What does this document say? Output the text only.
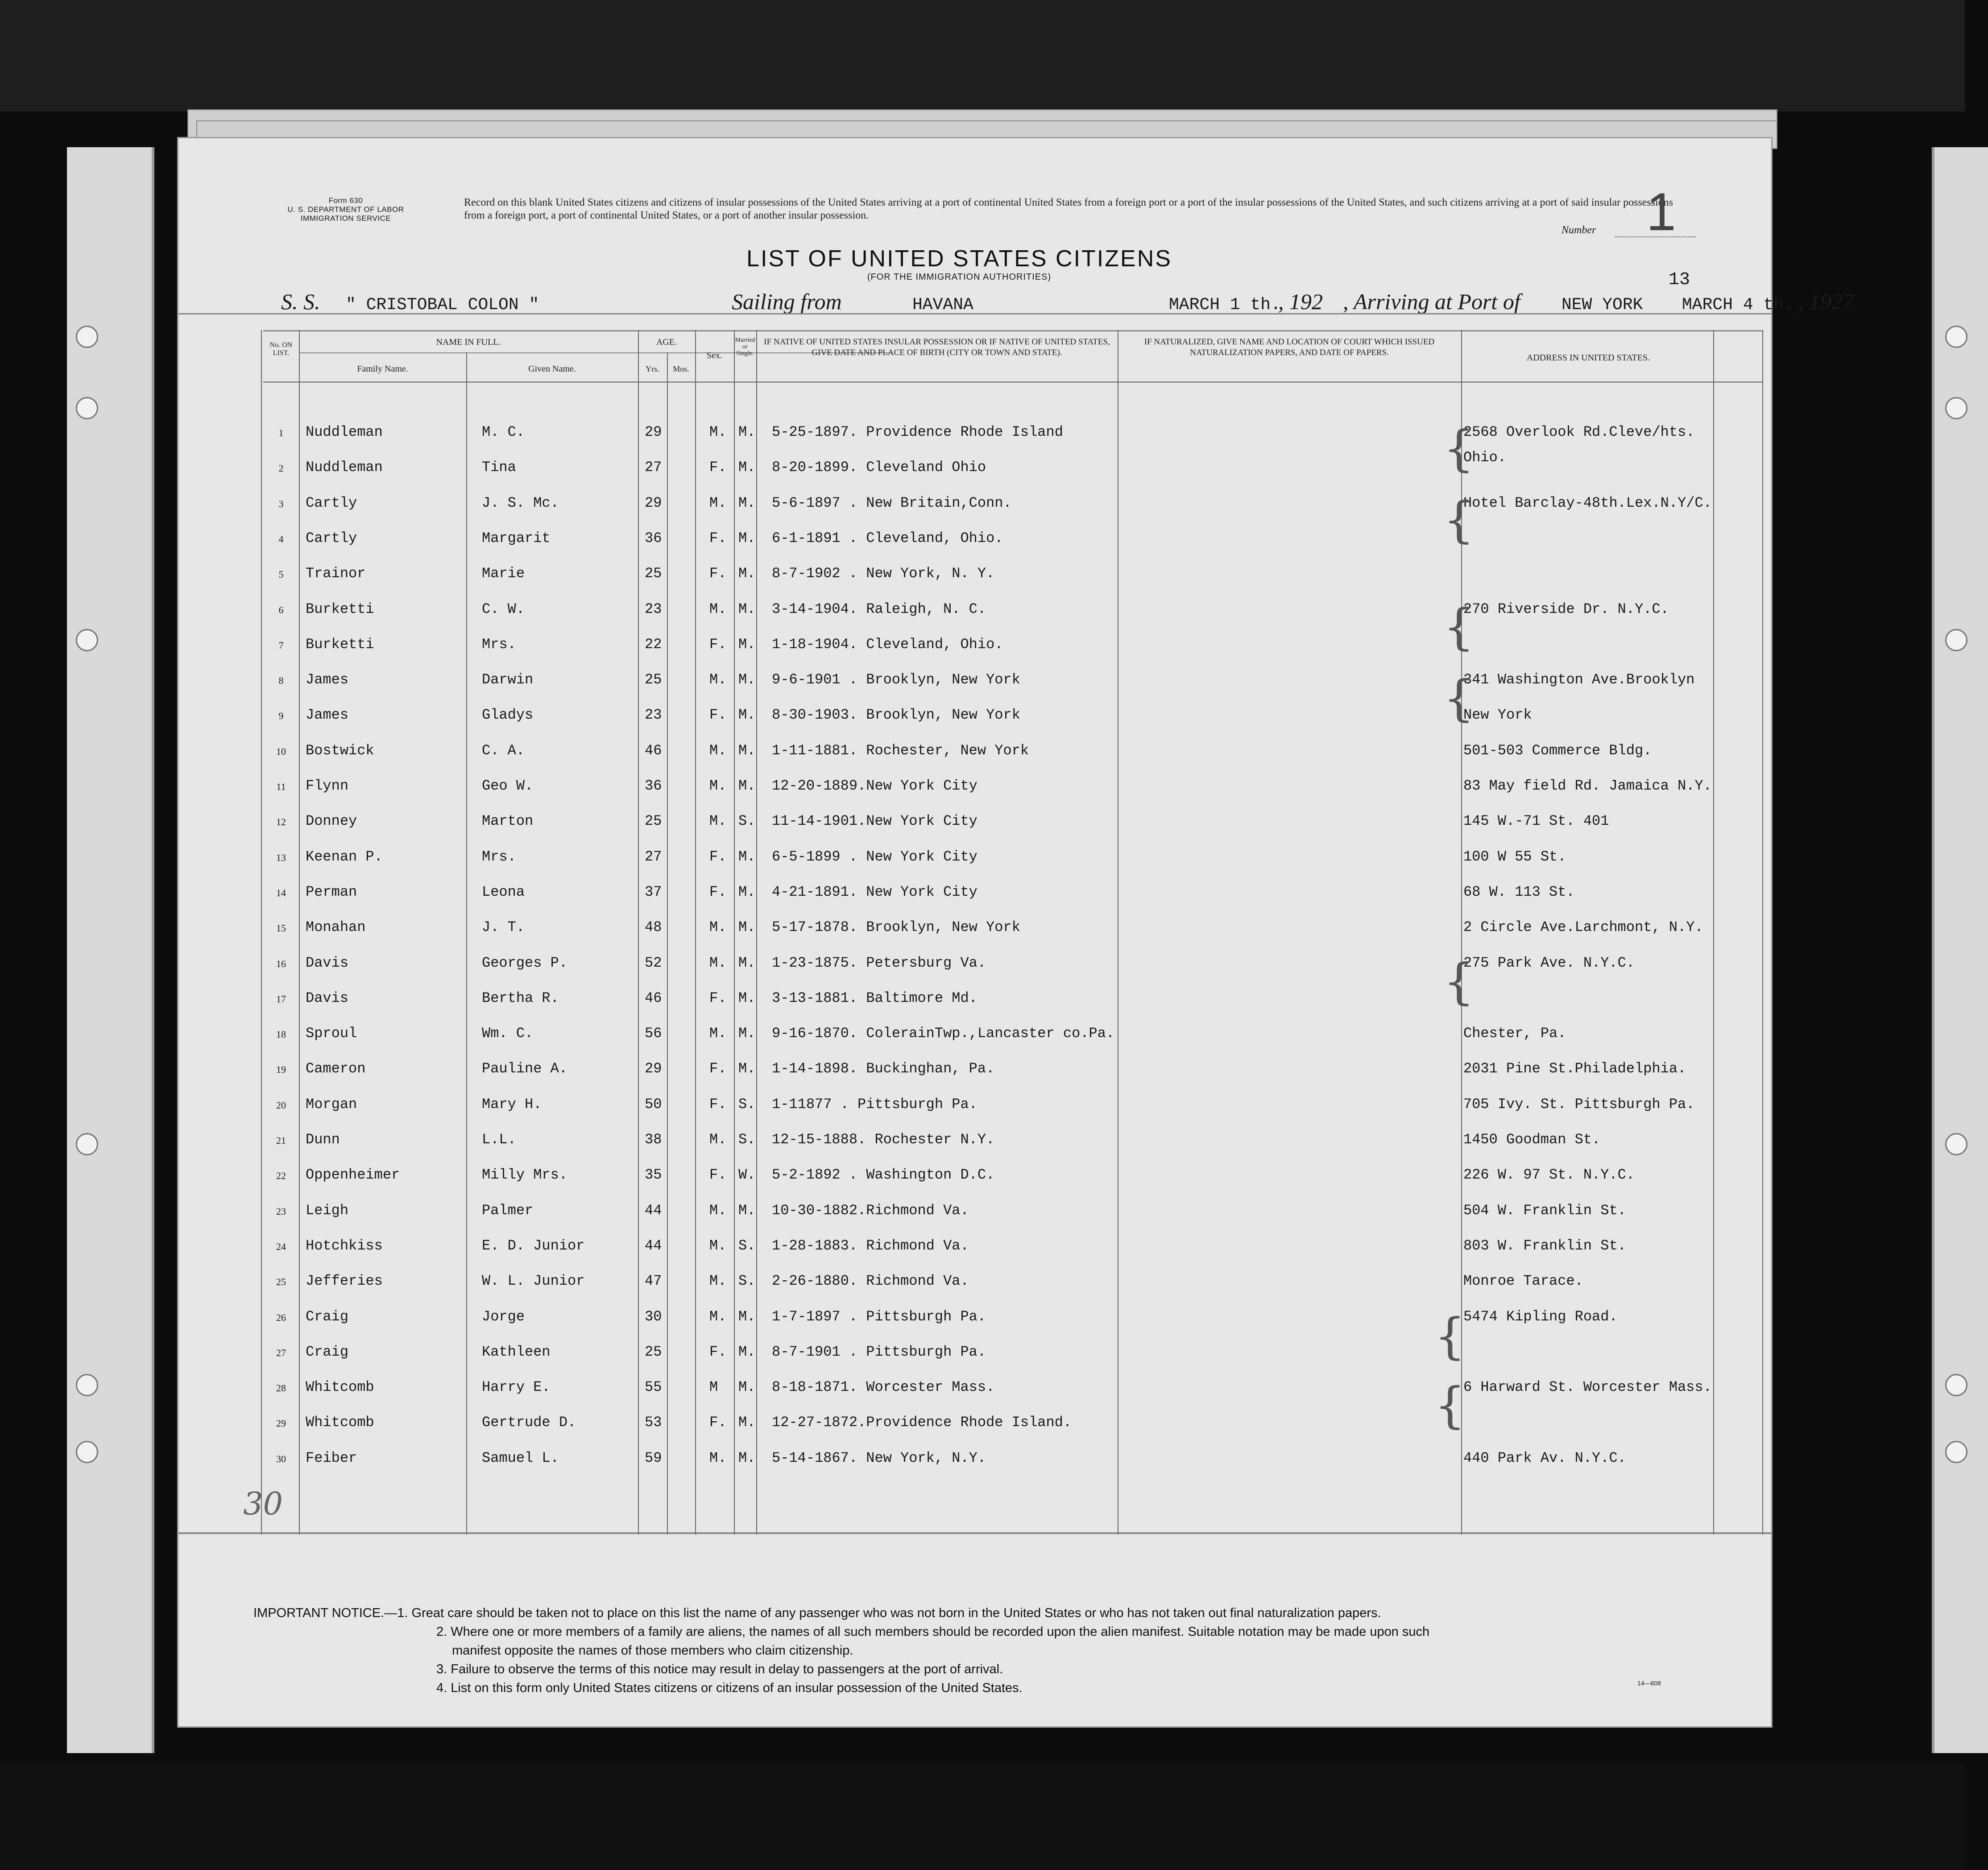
Form 630
U. S. DEPARTMENT OF LABOR
IMMIGRATION SERVICE
Record on this blank United States citizens and citizens of insular possessions of the United States arriving at a port of continental United States from a foreign port or a port of the insular possessions of the United States, and such citizens arriving at a port of said insular possessions from a foreign port, a port of continental United States, or a port of another insular possession.
Number 1
LIST OF UNITED STATES CITIZENS
(FOR THE IMMIGRATION AUTHORITIES)	13
S. S. " CRISTOBAL COLON "	Sailing from	HAVANA	MARCH 1 th.
, 192 , Arriving at Port of NEW YORK MARCH 4 th. , 1927
No. ON LIST.
NAME IN FULL.
Family Name.	Given Name.
AGE.
Yrs.	Mos.
Sex.
Married or Single.
IF NATIVE OF UNITED STATES INSULAR POSSESSION OR IF NATIVE OF UNITED STATES, GIVE DATE AND PLACE OF BIRTH (CITY OR TOWN AND STATE).
IF NATURALIZED, GIVE NAME AND LOCATION OF COURT WHICH ISSUED NATURALIZATION PAPERS, AND DATE OF PAPERS.
ADDRESS IN UNITED STATES.
1	Nuddleman	M. C.	29	M. M. 5-25-1897. Providence Rhode Island	2568 Overlook Rd.Cleve/hts.
2	Nuddleman	Tina	27	F. M. 8-20-1899. Cleveland Ohio
Ohio.
3	Cartly	J. S. Mc.	29	M. M. 5-6-1897 . New Britain,Conn.	Hotel Barclay-48th.Lex.N.Y/C.
4	Cartly	Margarit	36	F. M. 6-1-1891 . Cleveland, Ohio.
5	Trainor	Marie	25	F. M. 8-7-1902 . New York, N. Y.
6	Burketti	C. W.	23	M. M. 3-14-1904. Raleigh, N. C.	270 Riverside Dr. N.Y.C.
7	Burketti	Mrs.	22	F. M. 1-18-1904. Cleveland, Ohio.
8	James	Darwin	25	M. M. 9-6-1901 . Brooklyn, New York	341 Washington Ave.Brooklyn
9	James	Gladys	23	F. M. 8-30-1903. Brooklyn, New York	New York
10	Bostwick	C. A.	46	M. M. 1-11-1881. Rochester, New York	501-503 Commerce Bldg.
11	Flynn	Geo W.	36	M. M. 12-20-1889.New York City	83 May field Rd. Jamaica N.Y.
12	Donney	Marton	25	M. S. 11-14-1901.New York City	145 W.-71 St. 401
13	Keenan P.	Mrs.	27	F. M. 6-5-1899 . New York City	100 W 55 St.
14	Perman	Leona	37	F. M. 4-21-1891. New York City	68 W. 113 St.
15	Monahan	J. T.	48	M. M. 5-17-1878. Brooklyn, New York	2 Circle Ave.Larchmont, N.Y.
16	Davis	Georges P.	52	M. M. 1-23-1875. Petersburg Va.	275 Park Ave. N.Y.C.
17	Davis	Bertha R.	46	F. M. 3-13-1881. Baltimore Md.
18	Sproul	Wm. C.	56	M. M. 9-16-1870. ColerainTwp.,Lancaster co.Pa.	Chester, Pa.
19	Cameron	Pauline A.	29	F. M. 1-14-1898. Buckinghan, Pa.	2031 Pine St.Philadelphia.
20	Morgan	Mary H.	50	F. S. 1-11877 . Pittsburgh Pa.	705 Ivy. St. Pittsburgh Pa.
21	Dunn	L.L.	38	M. S. 12-15-1888. Rochester N.Y.	1450 Goodman St.
22	Oppenheimer	Milly Mrs.	35	F. W. 5-2-1892 . Washington D.C.	226 W. 97 St. N.Y.C.
23	Leigh	Palmer	44	M. M. 10-30-1882.Richmond Va.	504 W. Franklin St.
24	Hotchkiss	E. D. Junior	44	M. S. 1-28-1883. Richmond Va.	803 W. Franklin St.
25	Jefferies	W. L. Junior	47	M. S. 2-26-1880. Richmond Va.	Monroe Tarace.
26	Craig	Jorge	30	M. M. 1-7-1897 . Pittsburgh Pa.	5474 Kipling Road.
27	Craig	Kathleen	25	F. M. 8-7-1901 . Pittsburgh Pa.
28	Whitcomb	Harry E.	55	M M. 8-18-1871. Worcester Mass.	6 Harward St. Worcester Mass.
29	Whitcomb	Gertrude D.	53	F. M. 12-27-1872.Providence Rhode Island.
30	Feiber	Samuel L.	59	M. M. 5-14-1867. New York, N.Y.	440 Park Av. N.Y.C.
{
{
{
{
{
{
{
30
IMPORTANT NOTICE.—1. Great care should be taken not to place on this list the name of any passenger who was not born in the United States or who has not taken out final naturalization papers.
2. Where one or more members of a family are aliens, the names of all such members should be recorded upon the alien manifest. Suitable notation may be made upon such
manifest opposite the names of those members who claim citizenship.
3. Failure to observe the terms of this notice may result in delay to passengers at the port of arrival.
4. List on this form only United States citizens or citizens of an insular possession of the United States.	14—608
